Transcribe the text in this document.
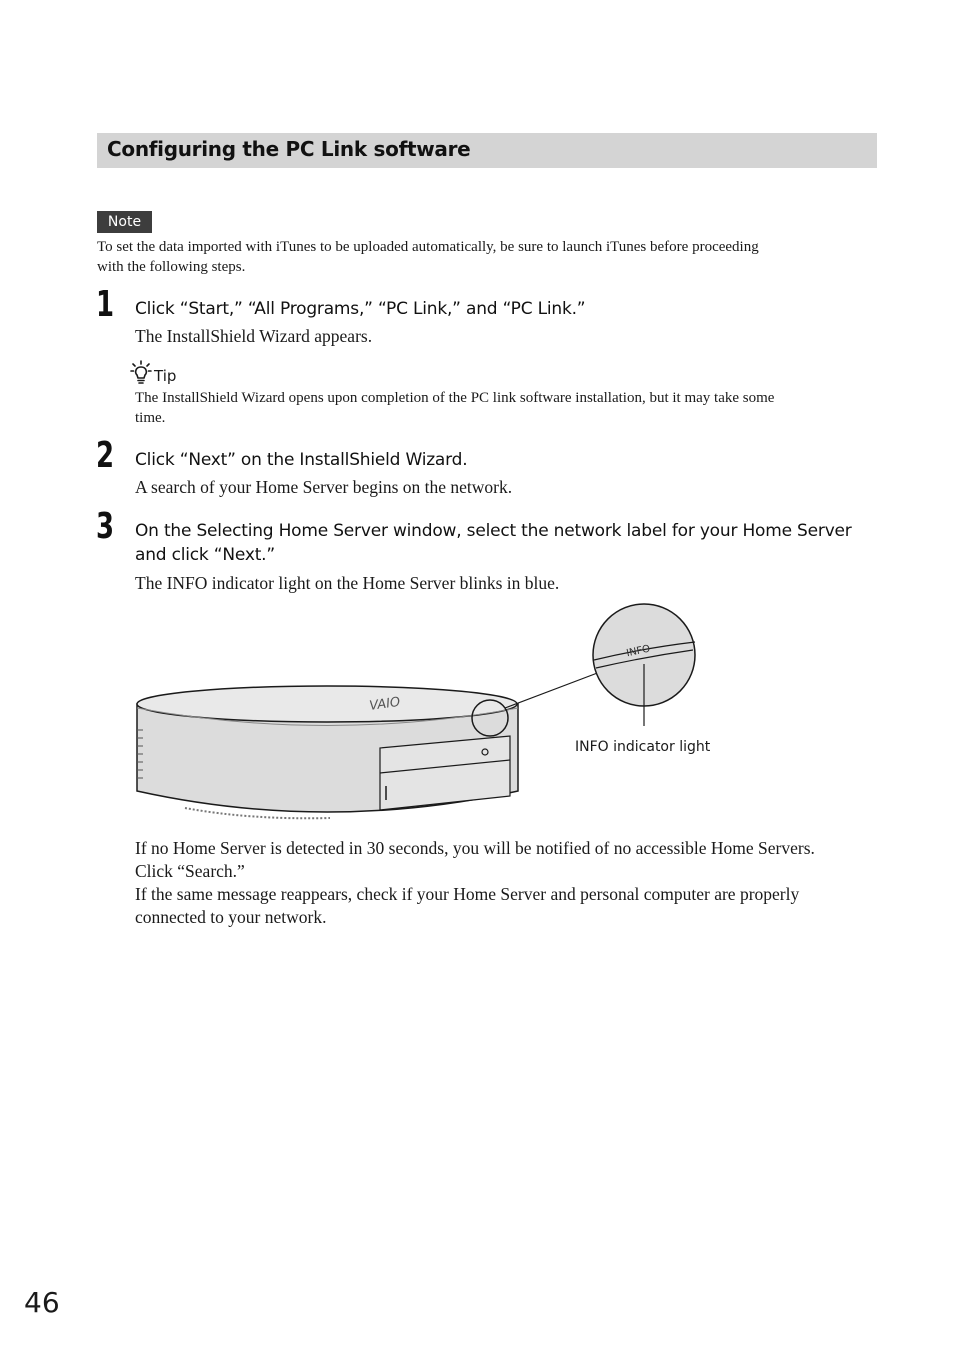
Configuring the PC Link software
Note
To set the data imported with iTunes to be uploaded automatically, be sure to launch iTunes before proceeding
with the following steps.
1 Click “Start,” “All Programs,” “PC Link,” and “PC Link.”
The InstallShield Wizard appears.
Tip
The InstallShield Wizard opens upon completion of the PC link software installation, but it may take some
time.
2 Click “Next” on the InstallShield Wizard.
A search of your Home Server begins on the network.
3 On the Selecting Home Server window, select the network label for your Home Server
and click “Next.”
The INFO indicator light on the Home Server blinks in blue.
VAIO
INFO
INFO indicator light
If no Home Server is detected in 30 seconds, you will be notified of no accessible Home Servers.
Click “Search.”
If the same message reappears, check if your Home Server and personal computer are properly
connected to your network.
46
